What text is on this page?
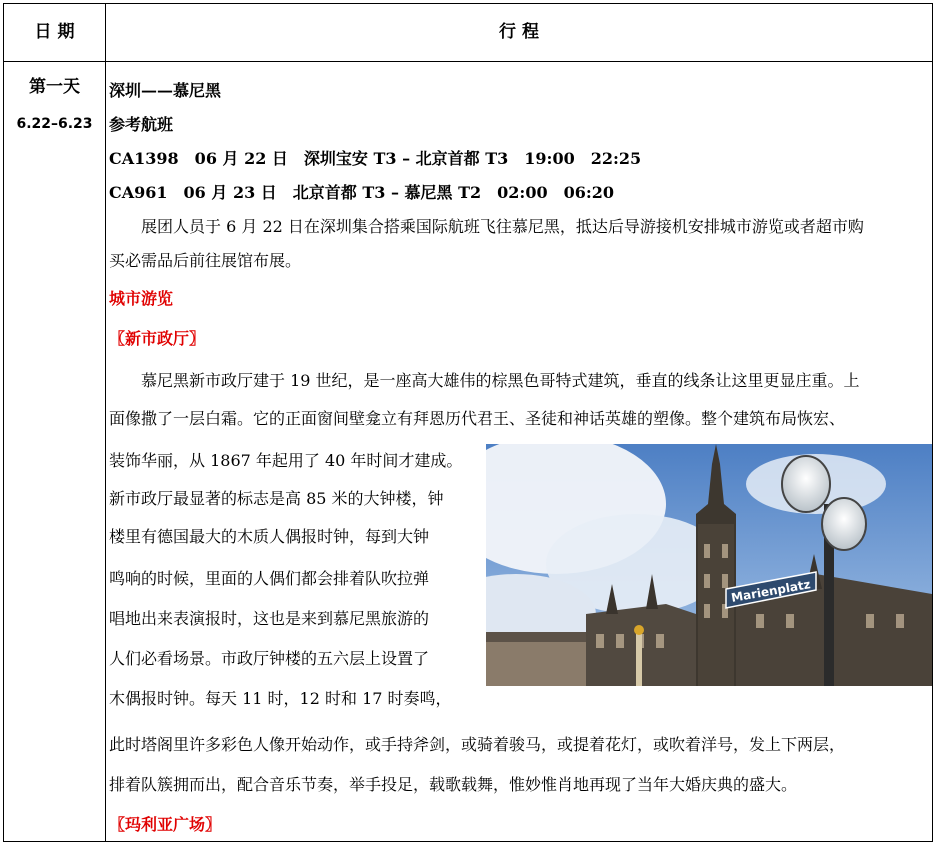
日 期	行 程
第一天
6.22–6.23
深圳——慕尼黑
参考航班
CA1398　06 月 22 日　深圳宝安 T3 – 北京首都 T3　19:00　22:25
CA961　06 月 23 日　北京首都 T3 – 慕尼黑 T2　02:00　06:20
展团人员于 6 月 22 日在深圳集合搭乘国际航班飞往慕尼黑，抵达后导游接机安排城市游览或者超市购
买必需品后前往展馆布展。
城市游览
〖新市政厅〗
慕尼黑新市政厅建于 19 世纪，是一座高大雄伟的棕黑色哥特式建筑，垂直的线条让这里更显庄重。上
面像撒了一层白霜。它的正面窗间壁龛立有拜恩历代君王、圣徒和神话英雄的塑像。整个建筑布局恢宏、
装饰华丽，从 1867 年起用了 40 年时间才建成。
新市政厅最显著的标志是高 85 米的大钟楼，钟
楼里有德国最大的木质人偶报时钟，每到大钟
鸣响的时候，里面的人偶们都会排着队吹拉弹
唱地出来表演报时，这也是来到慕尼黑旅游的
人们必看场景。市政厅钟楼的五六层上设置了
木偶报时钟。每天 11 时，12 时和 17 时奏鸣，
此时塔阁里许多彩色人像开始动作，或手持斧剑，或骑着骏马，或提着花灯，或吹着洋号，发上下两层，
排着队簇拥而出，配合音乐节奏，举手投足，载歌载舞，惟妙惟肖地再现了当年大婚庆典的盛大。
〖玛利亚广场〗
Marienplatz
